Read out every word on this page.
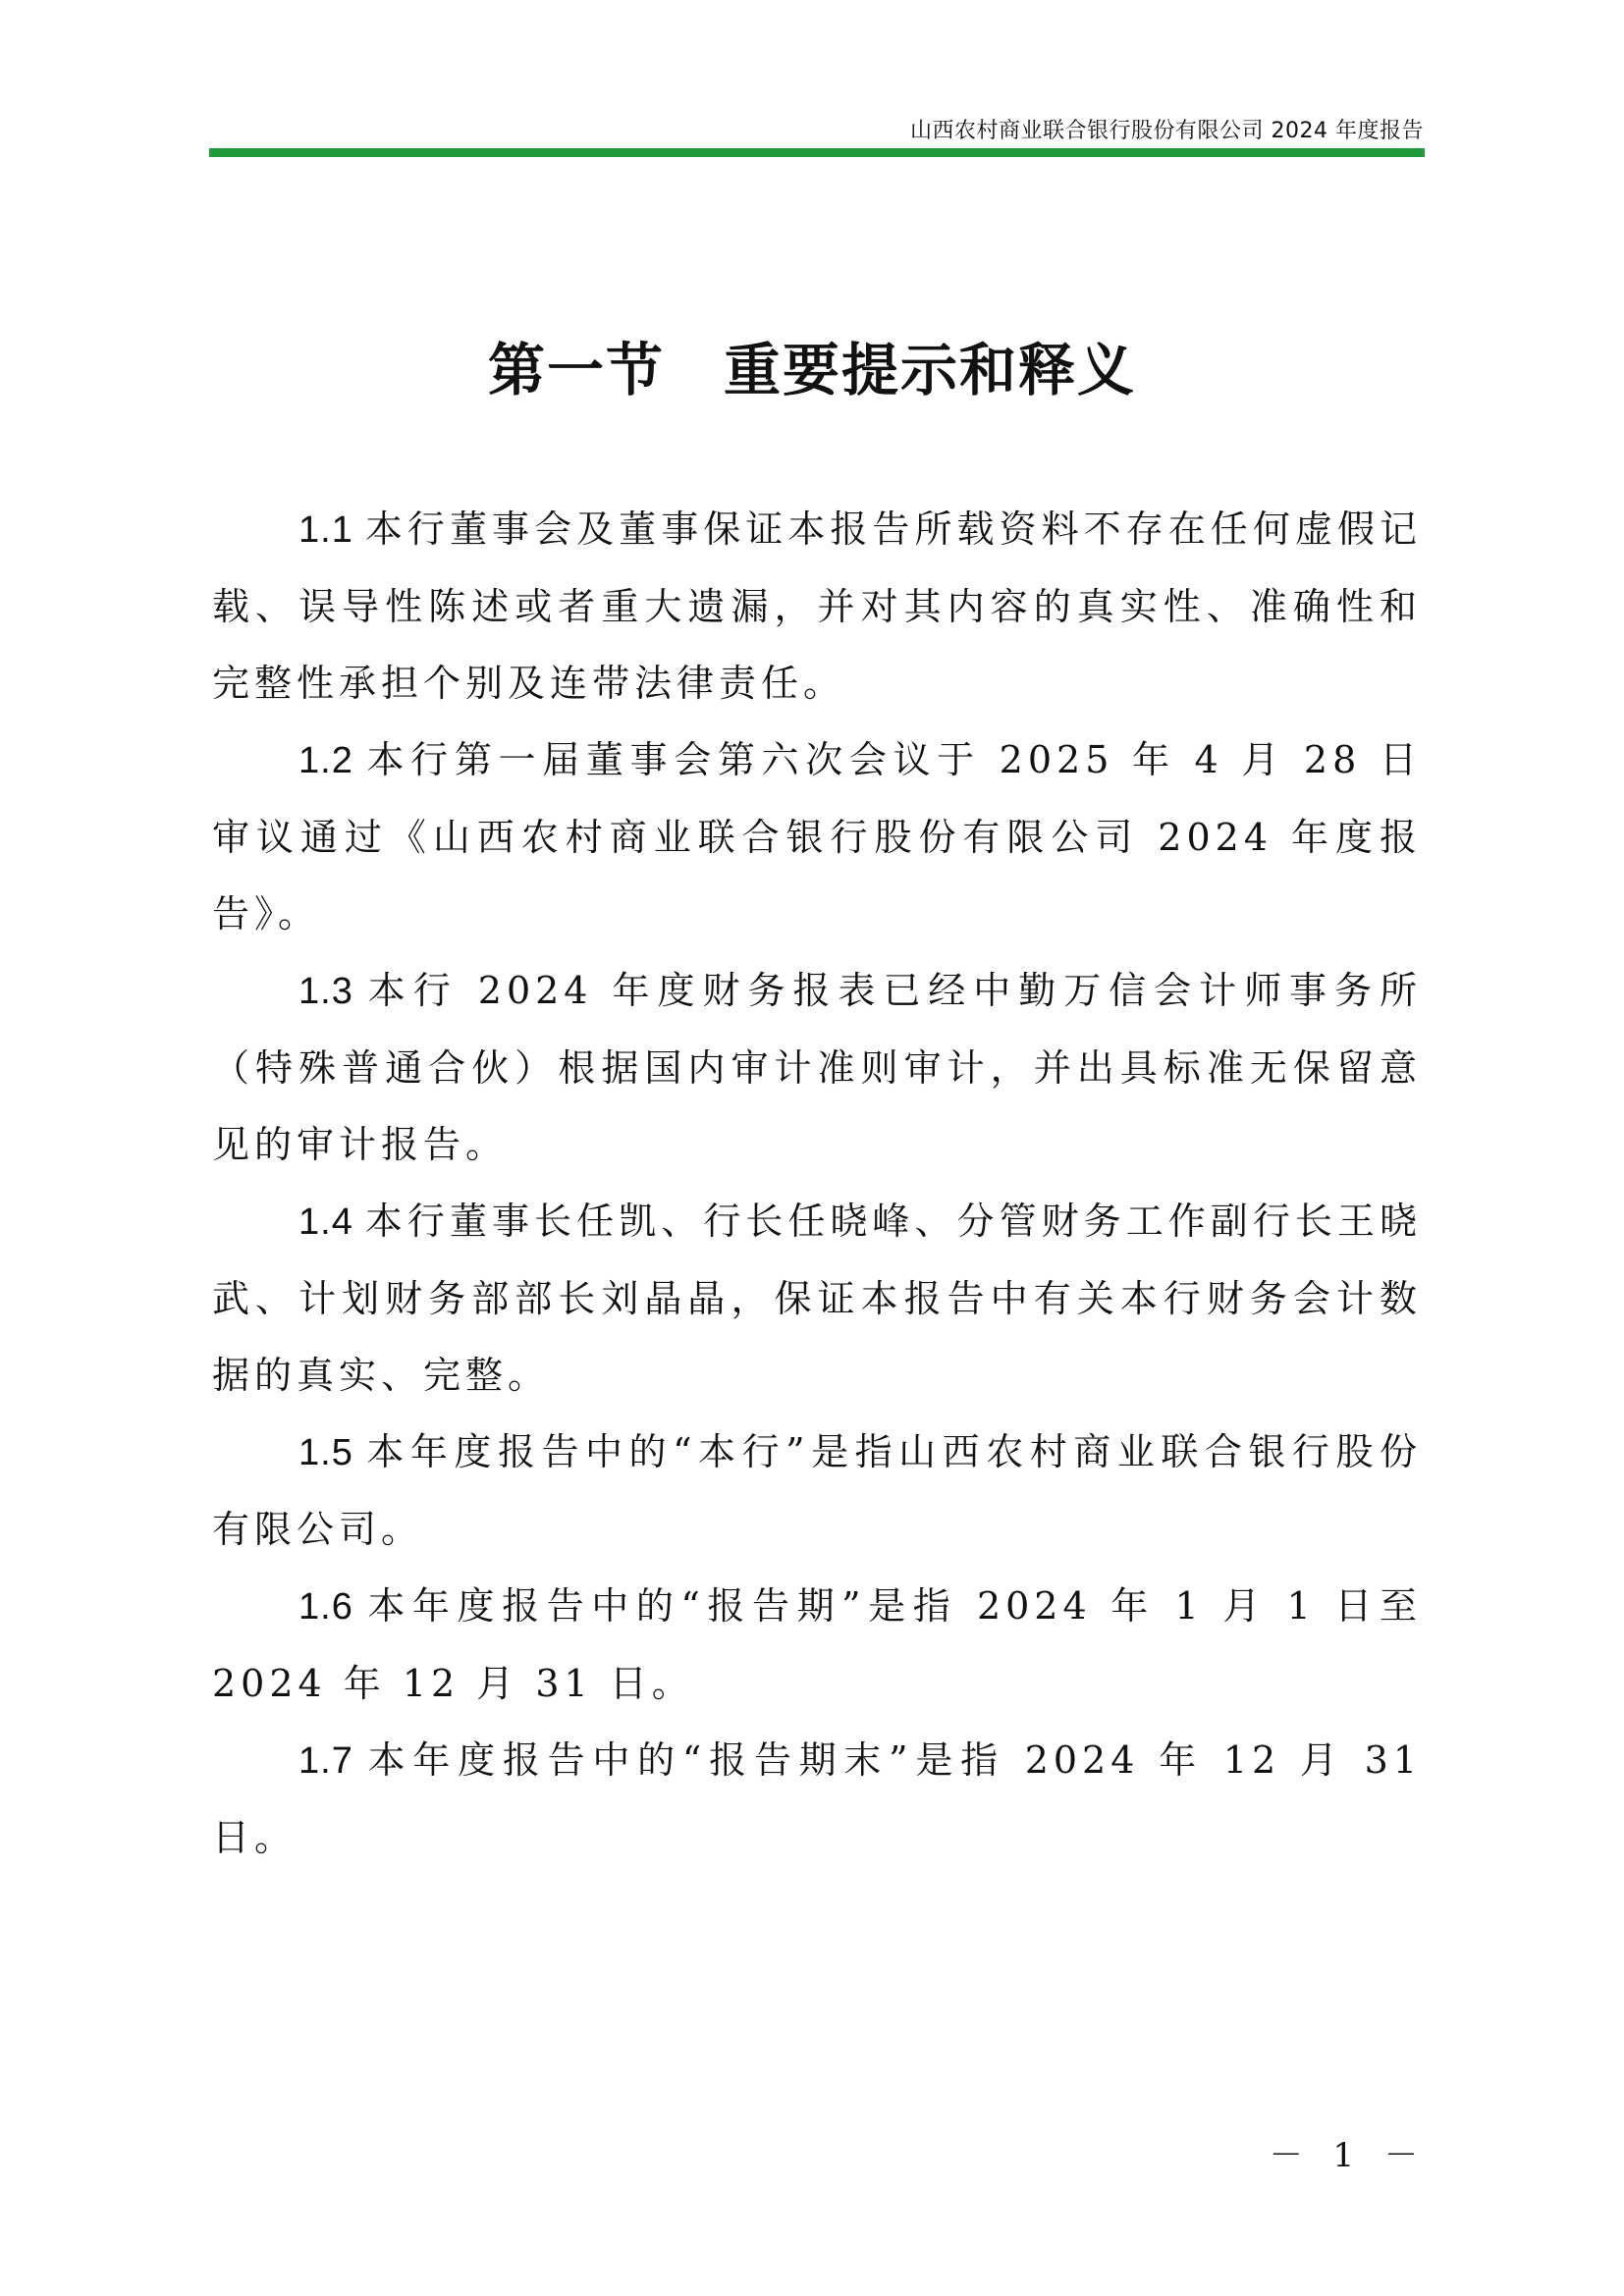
山西农村商业联合银行股份有限公司 2024 年度报告
第一节　重要提示和释义

1.1 本行董事会及董事保证本报告所载资料不存在任何虚假记载、误导性陈述或者重大遗漏，并对其内容的真实性、准确性和完整性承担个别及连带法律责任。

1.2 本行第一届董事会第六次会议于 2025 年 4 月 28 日审议通过《山西农村商业联合银行股份有限公司 2024 年度报告》。

1.3 本行 2024 年度财务报表已经中勤万信会计师事务所（特殊普通合伙）根据国内审计准则审计，并出具标准无保留意见的审计报告。

1.4 本行董事长任凯、行长任晓峰、分管财务工作副行长王晓武、计划财务部部长刘晶晶，保证本报告中有关本行财务会计数据的真实、完整。

1.5 本年度报告中的“本行”是指山西农村商业联合银行股份有限公司。

1.6 本年度报告中的“报告期”是指 2024 年 1 月 1 日至 2024 年 12 月 31 日。

1.7 本年度报告中的“报告期末”是指 2024 年 12 月 31 日。

－ 1 －
